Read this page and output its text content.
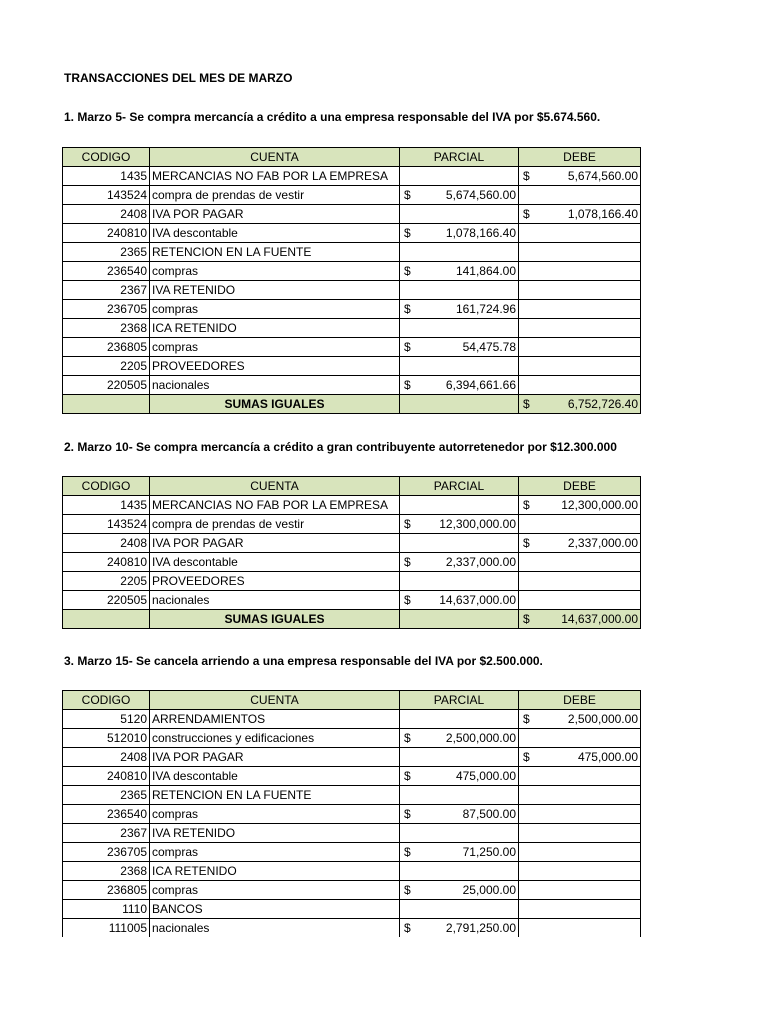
TRANSACCIONES DEL MES DE MARZO
1. Marzo 5- Se compra mercancía a crédito a una empresa responsable del IVA por $5.674.560.
CODIGO	CUENTA	PARCIAL	DEBE
1435	MERCANCIAS NO FAB POR LA EMPRESA		$ 5,674,560.00
143524	compra de prendas de vestir	$ 5,674,560.00	
2408	IVA POR PAGAR		$ 1,078,166.40
240810	IVA descontable	$ 1,078,166.40	
2365	RETENCION EN LA FUENTE		
236540	compras	$ 141,864.00	
2367	IVA RETENIDO		
236705	compras	$ 161,724.96	
2368	ICA RETENIDO		
236805	compras	$ 54,475.78	
2205	PROVEEDORES		
220505	nacionales	$ 6,394,661.66	
	SUMAS IGUALES		$ 6,752,726.40
2. Marzo 10- Se compra mercancía a crédito a gran contribuyente autorretenedor por $12.300.000
CODIGO	CUENTA	PARCIAL	DEBE
1435	MERCANCIAS NO FAB POR LA EMPRESA		$ 12,300,000.00
143524	compra de prendas de vestir	$ 12,300,000.00	
2408	IVA POR PAGAR		$ 2,337,000.00
240810	IVA descontable	$ 2,337,000.00	
2205	PROVEEDORES		
220505	nacionales	$ 14,637,000.00	
	SUMAS IGUALES		$ 14,637,000.00
3. Marzo 15- Se cancela arriendo a una empresa responsable del IVA por $2.500.000.
CODIGO	CUENTA	PARCIAL	DEBE
5120	ARRENDAMIENTOS		$ 2,500,000.00
512010	construcciones y edificaciones	$ 2,500,000.00	
2408	IVA POR PAGAR		$ 475,000.00
240810	IVA descontable	$ 475,000.00	
2365	RETENCION EN LA FUENTE		
236540	compras	$ 87,500.00	
2367	IVA RETENIDO		
236705	compras	$ 71,250.00	
2368	ICA RETENIDO		
236805	compras	$ 25,000.00	
1110	BANCOS		
111005	nacionales	$ 2,791,250.00	
